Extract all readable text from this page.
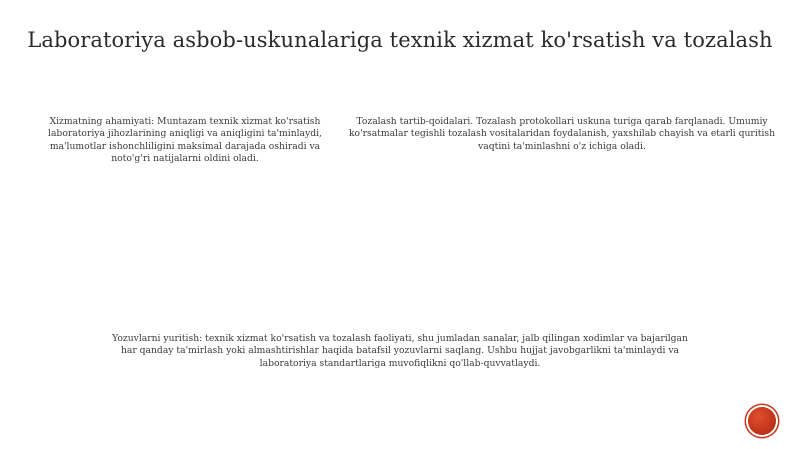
Laboratoriya asbob-uskunalariga texnik xizmat ko'rsatish va tozalash
Xizmatning ahamiyati: Muntazam texnik xizmat ko'rsatish laboratoriya jihozlarining aniqligi va aniqligini ta'minlaydi, ma'lumotlar ishonchliligini maksimal darajada oshiradi va noto'g'ri natijalarni oldini oladi.
Tozalash tartib-qoidalari. Tozalash protokollari uskuna turiga qarab farqlanadi. Umumiy ko'rsatmalar tegishli tozalash vositalaridan foydalanish, yaxshilab chayish va etarli quritish vaqtini ta'minlashni o'z ichiga oladi.
Yozuvlarni yuritish: texnik xizmat ko'rsatish va tozalash faoliyati, shu jumladan sanalar, jalb qilingan xodimlar va bajarilgan har qanday ta'mirlash yoki almashtirishlar haqida batafsil yozuvlarni saqlang. Ushbu hujjat javobgarlikni ta'minlaydi va laboratoriya standartlariga muvofiqlikni qo'llab-quvvatlaydi.
